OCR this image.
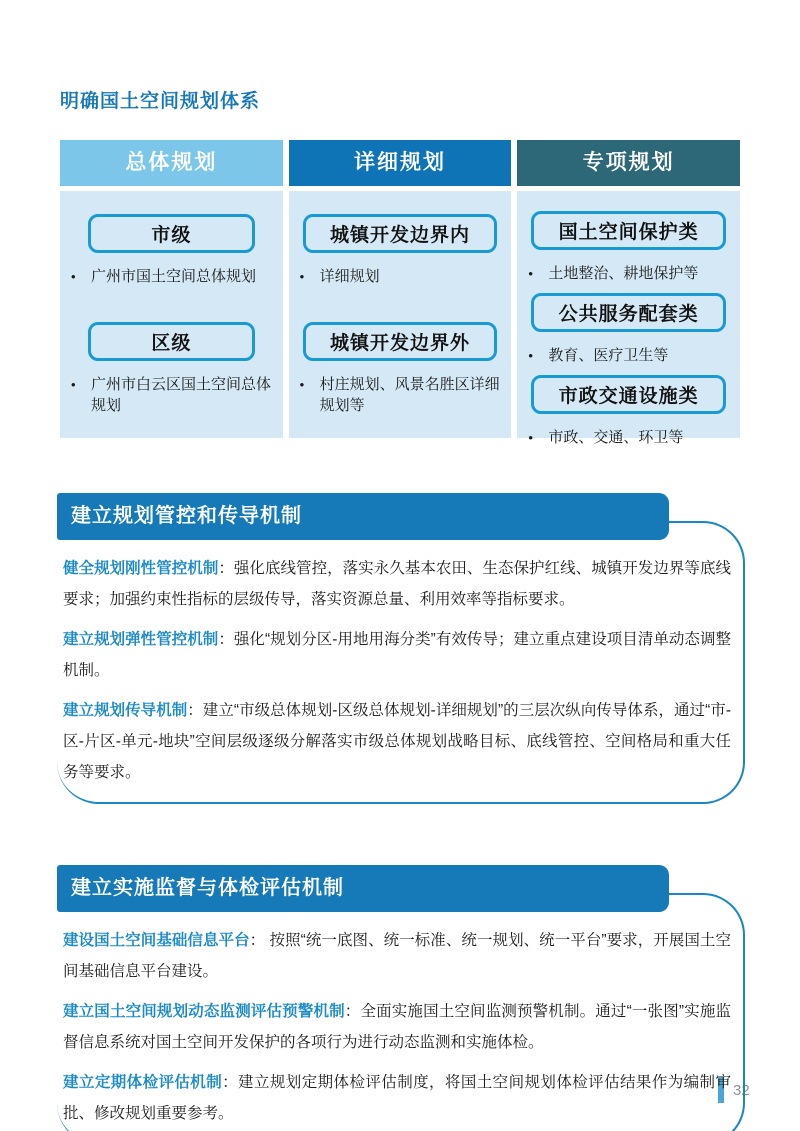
明确国土空间规划体系
总体规划
市级
• 广州市国土空间总体规划
区级
• 广州市白云区国土空间总体规划
详细规划
城镇开发边界内
• 详细规划
城镇开发边界外
• 村庄规划、风景名胜区详细规划等
专项规划
国土空间保护类
• 土地整治、耕地保护等
公共服务配套类
• 教育、医疗卫生等
市政交通设施类
• 市政、交通、环卫等
建立规划管控和传导机制

健全规划刚性管控机制：强化底线管控，落实永久基本农田、生态保护红线、城镇开发边界等底线要求；加强约束性指标的层级传导，落实资源总量、利用效率等指标要求。

建立规划弹性管控机制：强化“规划分区-用地用海分类”有效传导；建立重点建设项目清单动态调整机制。

建立规划传导机制：建立“市级总体规划-区级总体规划-详细规划”的三层次纵向传导体系，通过“市-区-片区-单元-地块”空间层级逐级分解落实市级总体规划战略目标、底线管控、空间格局和重大任务等要求。

建立实施监督与体检评估机制

建设国土空间基础信息平台： 按照“统一底图、统一标准、统一规划、统一平台”要求，开展国土空间基础信息平台建设。

建立国土空间规划动态监测评估预警机制：全面实施国土空间监测预警机制。通过“一张图”实施监督信息系统对国土空间开发保护的各项行为进行动态监测和实施体检。

建立定期体检评估机制：建立规划定期体检评估制度，将国土空间规划体检评估结果作为编制审批、修改规划重要参考。

32
